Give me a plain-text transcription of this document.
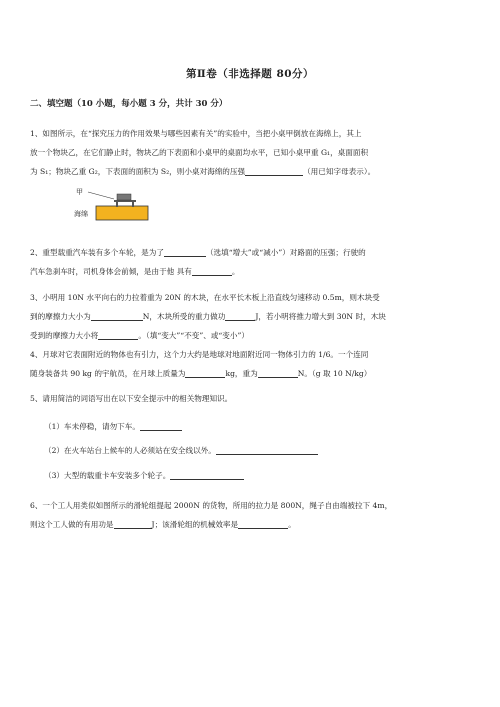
第Ⅱ卷（非选择题 80分）
二、填空题（10 小题，每小题 3 分，共计 30 分）
1、如图所示，在“探究压力的作用效果与哪些因素有关”的实验中，当把小桌甲倒放在海绵上，其上
放一个物块乙，在它们静止时，物块乙的下表面和小桌甲的桌面均水平，已知小桌甲重 G₁，桌面面积
为 S₁；物块乙重 G₂，下表面的面积为 S₂，则小桌对海绵的压强	（用已知字母表示）。
甲
海绵
2、重型载重汽车装有多个车轮，是为了	（选填“增大”或“减小”）对路面的压强；行驶的
汽车急刹车时，司机身体会前倾，是由于他 具有	。
3、小明用 10N 水平向右的力拉着重为 20N 的木块，在水平长木板上沿直线匀速移动 0.5m，则木块受
到的摩擦力大小为	N，木块所受的重力做功	J，若小明将推力增大到 30N 时，木块
受到的摩擦力大小将	。（填“变大”“不变”、或“变小”）
4、月球对它表面附近的物体也有引力，这个力大约是地球对地面附近同一物体引力的 1/6。一个连同
随身装备共 90 kg 的宇航员，在月球上质量为	kg，重为	N。（g 取 10 N/kg）
5、请用简洁的词语写出在以下安全提示中的相关物理知识。
（1）车未停稳，请勿下车。
（2）在火车站台上候车的人必须站在安全线以外。
（3）大型的载重卡车安装多个轮子。
6、一个工人用类似如图所示的滑轮组提起 2000N 的货物，所用的拉力是 800N，绳子自由端被拉下 4m，
则这个工人做的有用功是	J；该滑轮组的机械效率是	。
